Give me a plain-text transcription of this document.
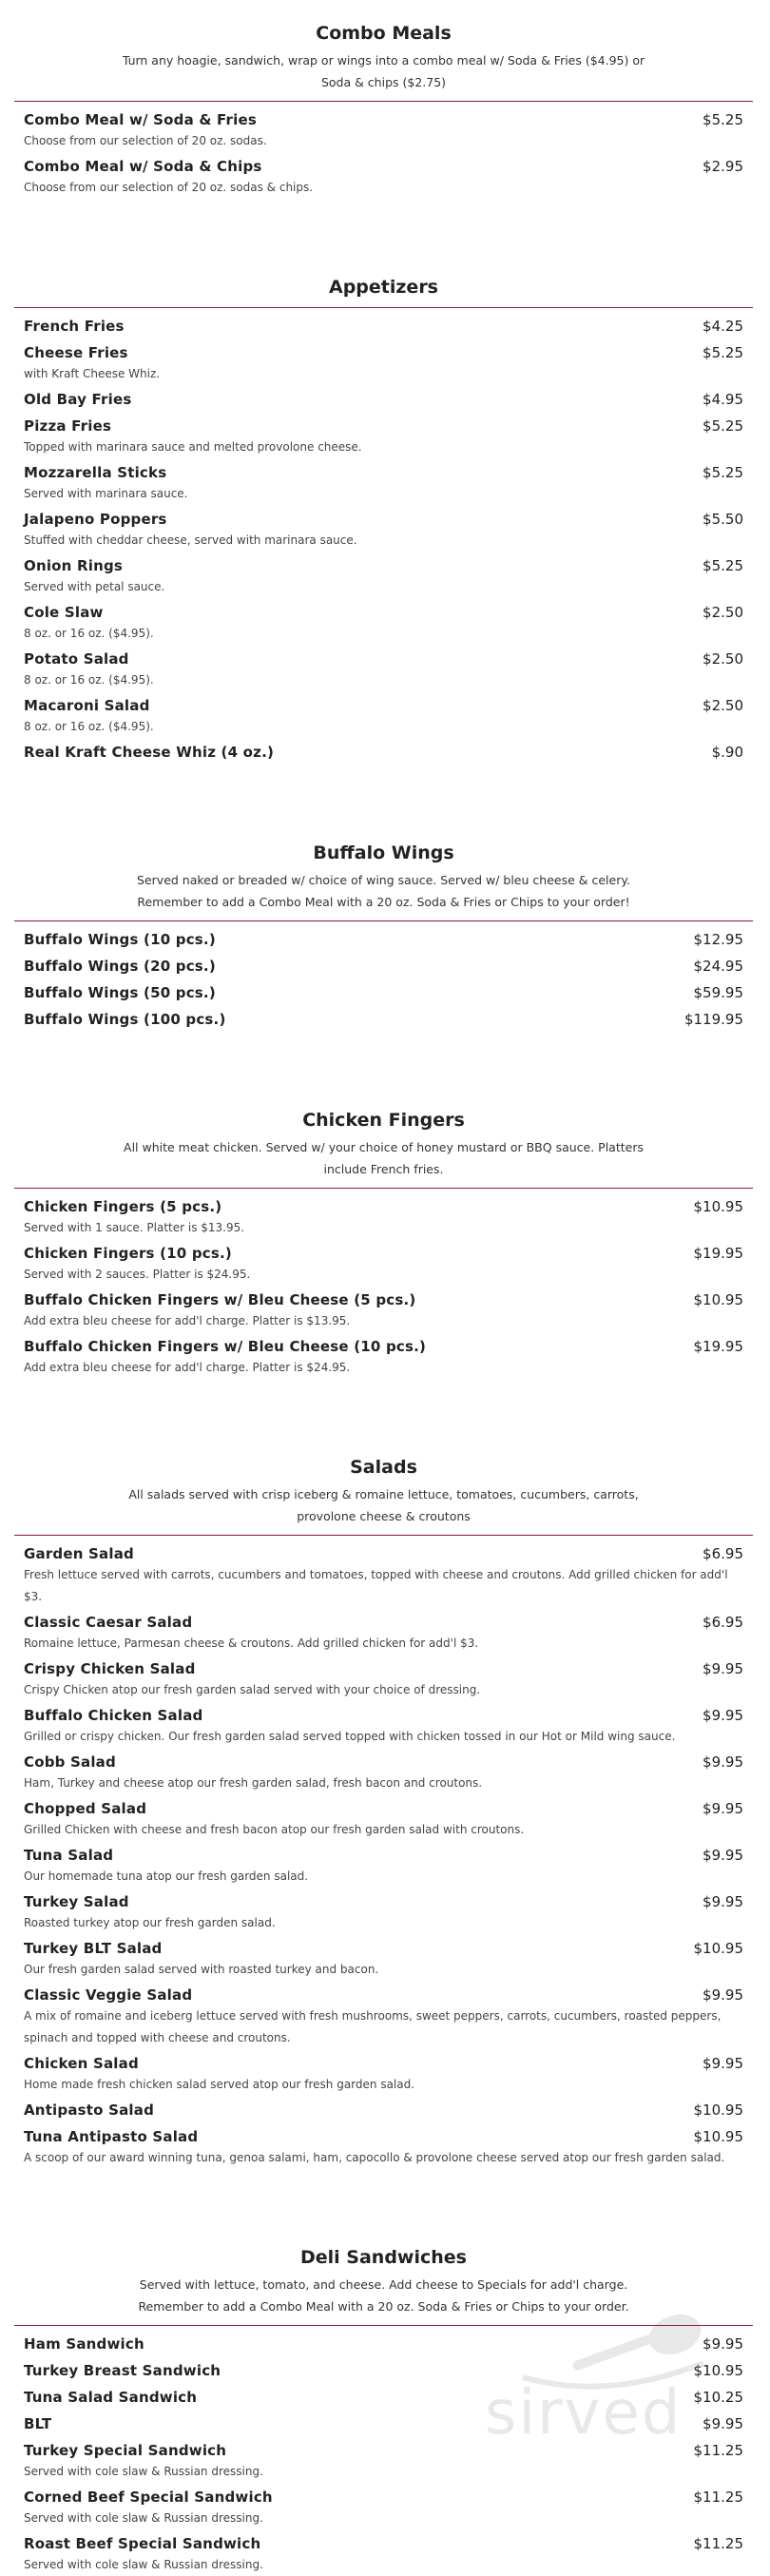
Combo Meals
Turn any hoagie, sandwich, wrap or wings into a combo meal w/ Soda & Fries ($4.95) or Soda & chips ($2.75)
Combo Meal w/ Soda & Fries	$5.25
Choose from our selection of 20 oz. sodas.
Combo Meal w/ Soda & Chips	$2.95
Choose from our selection of 20 oz. sodas & chips.
Appetizers
French Fries	$4.25
Cheese Fries	$5.25
with Kraft Cheese Whiz.
Old Bay Fries	$4.95
Pizza Fries	$5.25
Topped with marinara sauce and melted provolone cheese.
Mozzarella Sticks	$5.25
Served with marinara sauce.
Jalapeno Poppers	$5.50
Stuffed with cheddar cheese, served with marinara sauce.
Onion Rings	$5.25
Served with petal sauce.
Cole Slaw	$2.50
8 oz. or 16 oz. ($4.95).
Potato Salad	$2.50
8 oz. or 16 oz. ($4.95).
Macaroni Salad	$2.50
8 oz. or 16 oz. ($4.95).
Real Kraft Cheese Whiz (4 oz.)	$.90
Buffalo Wings
Served naked or breaded w/ choice of wing sauce. Served w/ bleu cheese & celery. Remember to add a Combo Meal with a 20 oz. Soda & Fries or Chips to your order!
Buffalo Wings (10 pcs.)	$12.95
Buffalo Wings (20 pcs.)	$24.95
Buffalo Wings (50 pcs.)	$59.95
Buffalo Wings (100 pcs.)	$119.95
Chicken Fingers
All white meat chicken. Served w/ your choice of honey mustard or BBQ sauce. Platters include French fries.
Chicken Fingers (5 pcs.)	$10.95
Served with 1 sauce. Platter is $13.95.
Chicken Fingers (10 pcs.)	$19.95
Served with 2 sauces. Platter is $24.95.
Buffalo Chicken Fingers w/ Bleu Cheese (5 pcs.)	$10.95
Add extra bleu cheese for add'l charge. Platter is $13.95.
Buffalo Chicken Fingers w/ Bleu Cheese (10 pcs.)	$19.95
Add extra bleu cheese for add'l charge. Platter is $24.95.
Salads
All salads served with crisp iceberg & romaine lettuce, tomatoes, cucumbers, carrots, provolone cheese & croutons
Garden Salad	$6.95
Fresh lettuce served with carrots, cucumbers and tomatoes, topped with cheese and croutons. Add grilled chicken for add'l $3.
Classic Caesar Salad	$6.95
Romaine lettuce, Parmesan cheese & croutons. Add grilled chicken for add'l $3.
Crispy Chicken Salad	$9.95
Crispy Chicken atop our fresh garden salad served with your choice of dressing.
Buffalo Chicken Salad	$9.95
Grilled or crispy chicken. Our fresh garden salad served topped with chicken tossed in our Hot or Mild wing sauce.
Cobb Salad	$9.95
Ham, Turkey and cheese atop our fresh garden salad, fresh bacon and croutons.
Chopped Salad	$9.95
Grilled Chicken with cheese and fresh bacon atop our fresh garden salad with croutons.
Tuna Salad	$9.95
Our homemade tuna atop our fresh garden salad.
Turkey Salad	$9.95
Roasted turkey atop our fresh garden salad.
Turkey BLT Salad	$10.95
Our fresh garden salad served with roasted turkey and bacon.
Classic Veggie Salad	$9.95
A mix of romaine and iceberg lettuce served with fresh mushrooms, sweet peppers, carrots, cucumbers, roasted peppers, spinach and topped with cheese and croutons.
Chicken Salad	$9.95
Home made fresh chicken salad served atop our fresh garden salad.
Antipasto Salad	$10.95
Tuna Antipasto Salad	$10.95
A scoop of our award winning tuna, genoa salami, ham, capocollo & provolone cheese served atop our fresh garden salad.
Deli Sandwiches
Served with lettuce, tomato, and cheese. Add cheese to Specials for add'l charge. Remember to add a Combo Meal with a 20 oz. Soda & Fries or Chips to your order.
Ham Sandwich	$9.95
Turkey Breast Sandwich	$10.95
Tuna Salad Sandwich	$10.25
BLT	$9.95
Turkey Special Sandwich	$11.25
Served with cole slaw & Russian dressing.
Corned Beef Special Sandwich	$11.25
Served with cole slaw & Russian dressing.
Roast Beef Special Sandwich	$11.25
Served with cole slaw & Russian dressing.
sirved
